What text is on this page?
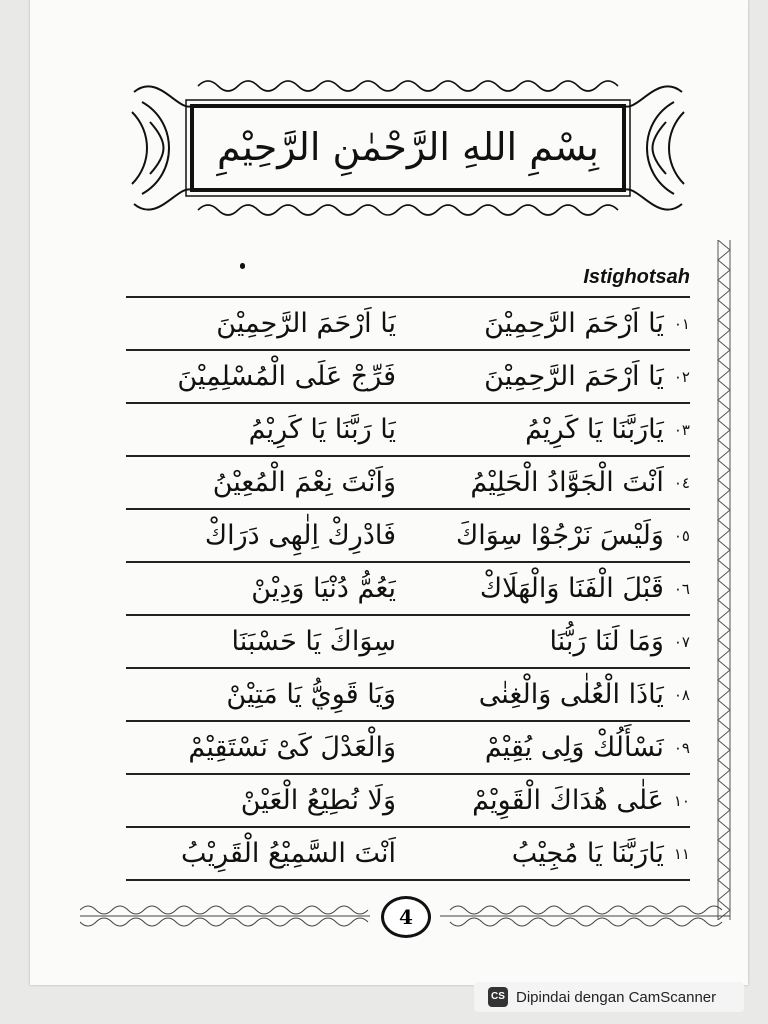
بِسْمِ اللهِ الرَّحْمٰنِ الرَّحِيْمِ
Istighotsah
٠١يَا اَرْحَمَ الرَّحِمِيْنَ
يَا اَرْحَمَ الرَّحِمِيْنَ
٠٢يَا اَرْحَمَ الرَّحِمِيْنَ
فَرِّجْ عَلَى الْمُسْلِمِيْنَ
٠٣يَارَبَّنَا يَا كَرِيْمُ
يَا رَبَّنَا يَا كَرِيْمُ
٠٤اَنْتَ الْجَوَّادُ الْحَلِيْمُ
وَاَنْتَ نِعْمَ الْمُعِيْنُ
٠٥وَلَيْسَ نَرْجُوْا سِوَاكَ
فَادْرِكْ اِلٰهِى دَرَاكْ
٠٦قَبْلَ الْفَنَا وَالْهَلَاكْ
يَعُمُّ دُنْيَا وَدِيْنْ
٠٧وَمَا لَنَا رَبُّنَا
سِوَاكَ يَا حَسْبَنَا
٠٨يَاذَا الْعُلٰى وَالْغِنٰى
وَيَا قَوِيُّ يَا مَتِيْنْ
٠٩نَسْأَلُكْ وَلِى يُقِيْمْ
وَالْعَدْلَ كَىْ نَسْتَقِيْمْ
١٠عَلٰى هُدَاكَ الْقَوِيْمْ
وَلَا نُطِيْعُ الْعَيْنْ
١١يَارَبَّنَا يَا مُجِيْبُ
اَنْتَ السَّمِيْعُ الْقَرِيْبُ
4
CS Dipindai dengan CamScanner
